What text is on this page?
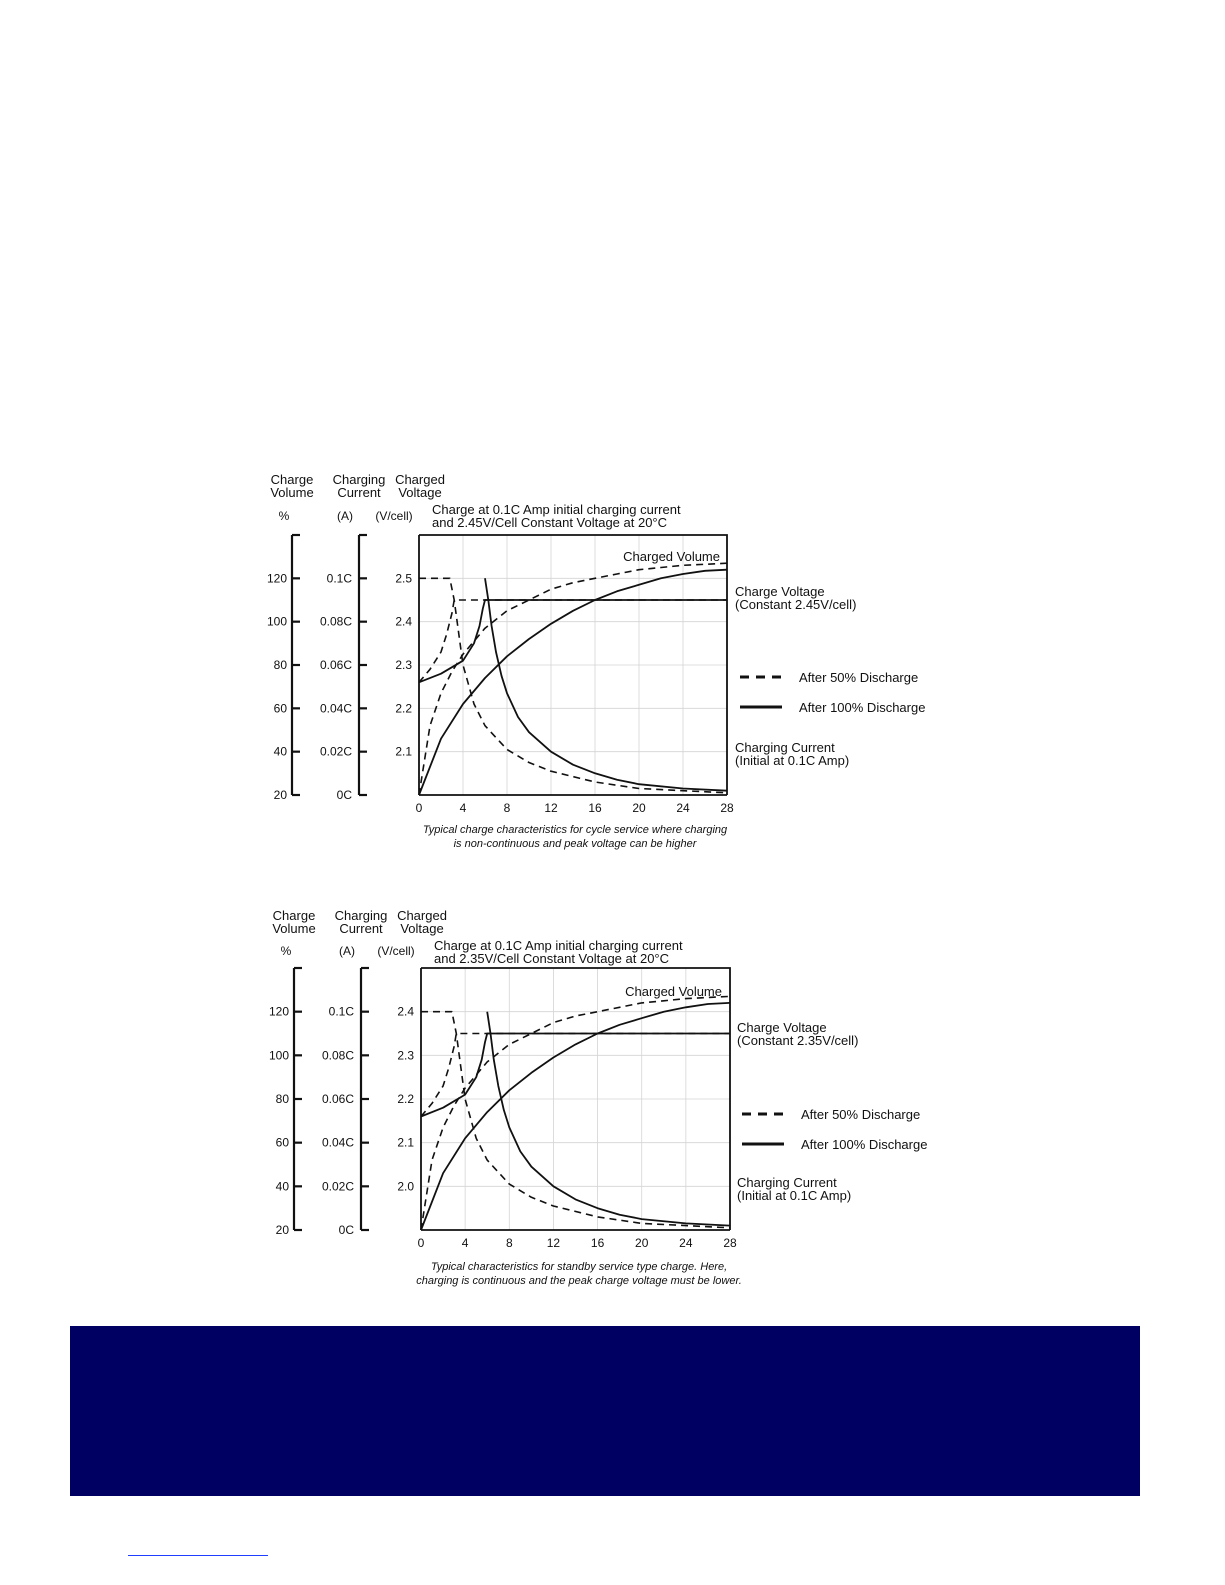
Charge
Volume
Charging
Current
Charged
Voltage
%	(A) (V/cell) Charge at 0.1C Amp initial charging current
and 2.45V/Cell Constant Voltage at 20°C
0	4	8	12	16	20	24	28
2.1
2.2
2.3
2.4
2.5
20
40
60
80
100
120
0C
0.02C
0.04C
0.06C
0.08C
0.1C
Charged Volume
Charge Voltage
(Constant 2.45V/cell)
Charging Current
(Initial at 0.1C Amp)
After 50% Discharge
After 100% Discharge
Typical charge characteristics for cycle service where charging
is non-continuous and peak voltage can be higher
Charge
Volume
Charging
Current
Charged
Voltage
%	(A) (V/cell) Charge at 0.1C Amp initial charging current
and 2.35V/Cell Constant Voltage at 20°C
0	4	8	12	16	20	24	28
2.0
2.1
2.2
2.3
2.4
20
40
60
80
100
120
0C
0.02C
0.04C
0.06C
0.08C
0.1C
Charged Volume
Charge Voltage
(Constant 2.35V/cell)
Charging Current
(Initial at 0.1C Amp)
After 50% Discharge
After 100% Discharge
Typical characteristics for standby service type charge. Here,
charging is continuous and the peak charge voltage must be lower.
